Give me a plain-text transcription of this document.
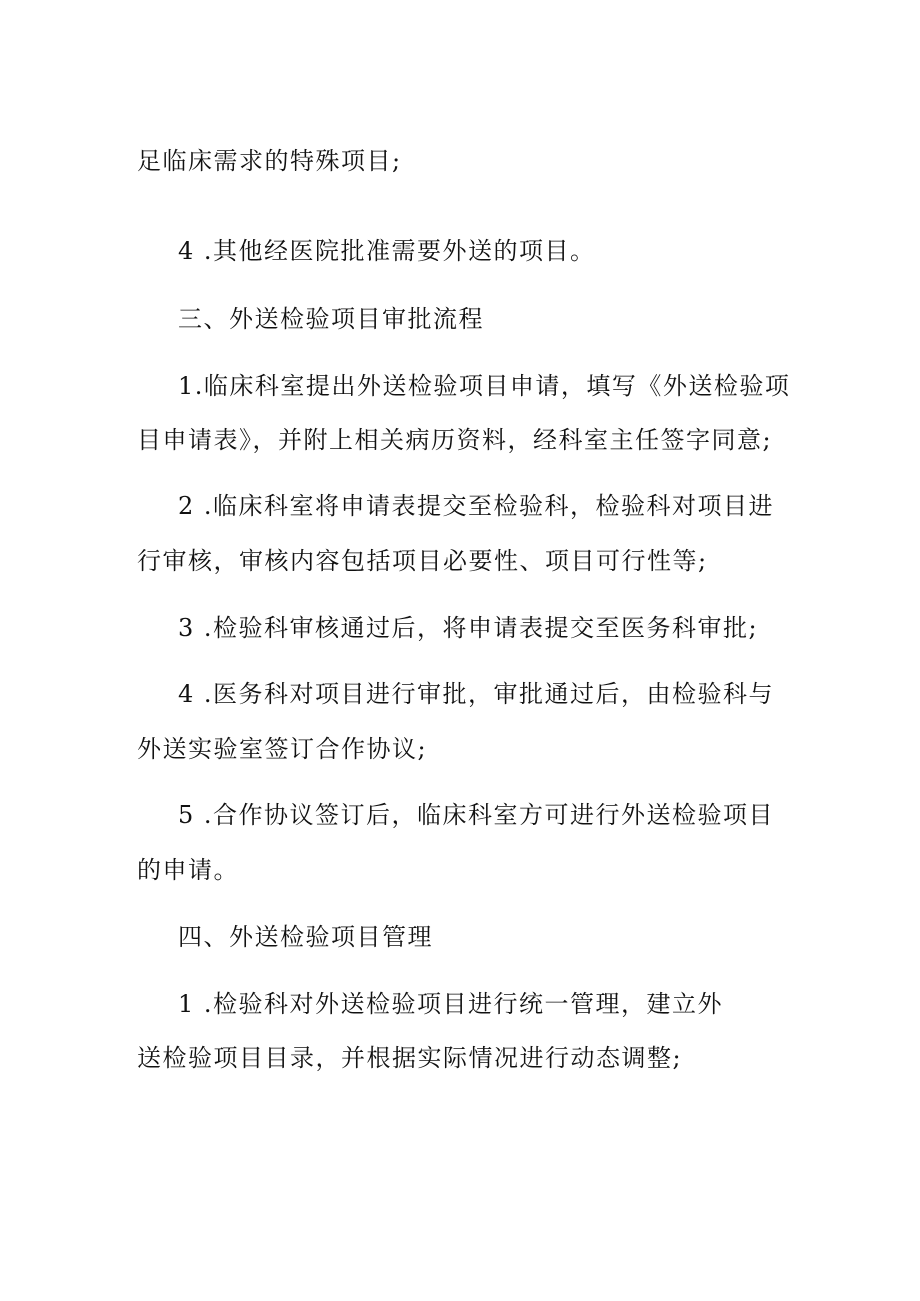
足临床需求的特殊项目;
4 .其他经医院批准需要外送的项目。
三、外送检验项目审批流程
1.临床科室提出外送检验项目申请，填写《外送检验项
目申请表》，并附上相关病历资料，经科室主任签字同意;
2 .临床科室将申请表提交至检验科，检验科对项目进
行审核，审核内容包括项目必要性、项目可行性等;
3 .检验科审核通过后，将申请表提交至医务科审批;
4 .医务科对项目进行审批，审批通过后，由检验科与
外送实验室签订合作协议;
5 .合作协议签订后，临床科室方可进行外送检验项目
的申请。
四、外送检验项目管理
1 .检验科对外送检验项目进行统一管理，建立外
送检验项目目录，并根据实际情况进行动态调整;
